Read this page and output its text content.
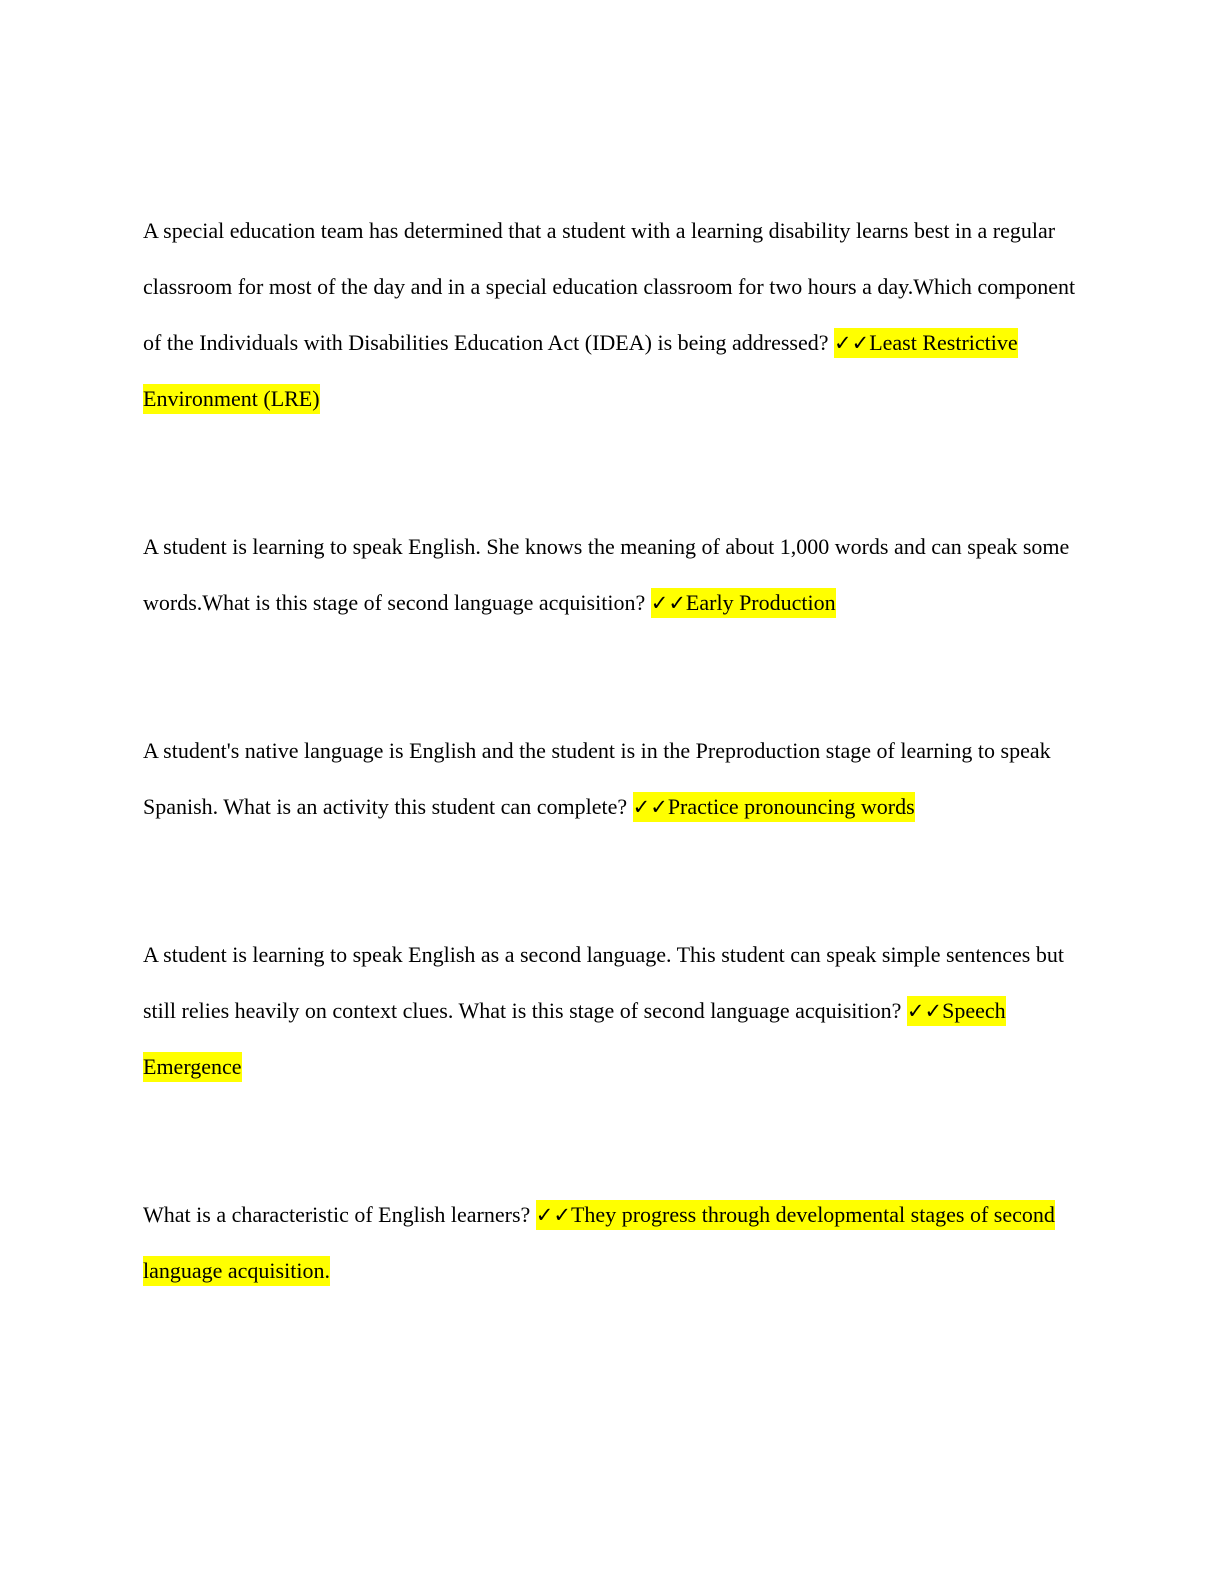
A special education team has determined that a student with a learning disability learns best in a regular classroom for most of the day and in a special education classroom for two hours a day.Which component of the Individuals with Disabilities Education Act (IDEA) is being addressed? ✓✓Least Restrictive Environment (LRE)

A student is learning to speak English. She knows the meaning of about 1,000 words and can speak some words.What is this stage of second language acquisition? ✓✓Early Production

A student's native language is English and the student is in the Preproduction stage of learning to speak Spanish. What is an activity this student can complete? ✓✓Practice pronouncing words

A student is learning to speak English as a second language. This student can speak simple sentences but still relies heavily on context clues. What is this stage of second language acquisition? ✓✓Speech Emergence

What is a characteristic of English learners? ✓✓They progress through developmental stages of second language acquisition.
